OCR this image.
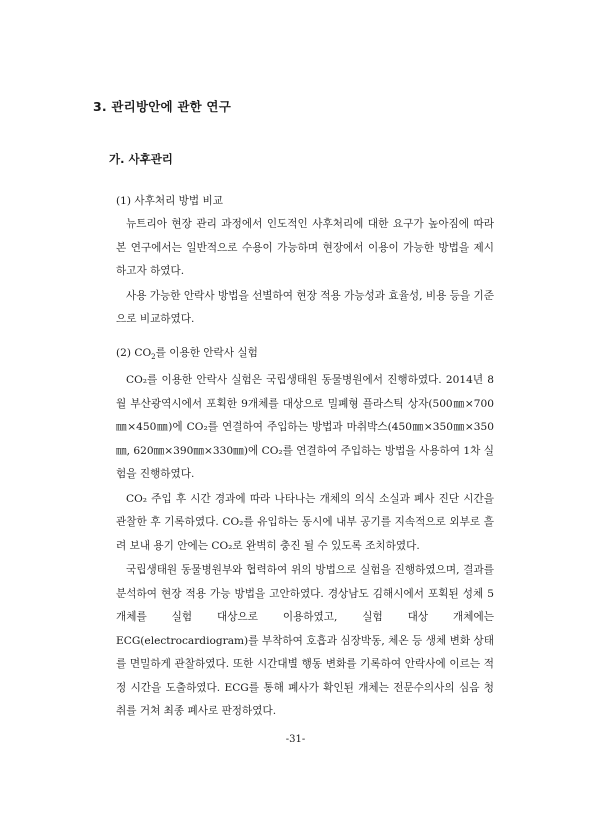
3. 관리방안에 관한 연구
가. 사후관리
(1) 사후처리 방법 비교

뉴트리아 현장 관리 과정에서 인도적인 사후처리에 대한 요구가 높아짐에 따라 본 연구에서는 일반적으로 수용이 가능하며 현장에서 이용이 가능한 방법을 제시하고자 하였다.

사용 가능한 안락사 방법을 선별하여 현장 적용 가능성과 효율성, 비용 등을 기준으로 비교하였다.

(2) $CO_2$를 이용한 안락사 실험

CO₂를 이용한 안락사 실험은 국립생태원 동물병원에서 진행하였다. 2014년 8월 부산광역시에서 포획한 9개체를 대상으로 밀폐형 플라스틱 상자(500㎜×700㎜×450㎜)에 CO₂를 연결하여 주입하는 방법과 마취박스(450㎜×350㎜×350㎜, 620㎜×390㎜×330㎜)에 CO₂를 연결하여 주입하는 방법을 사용하여 1차 실험을 진행하였다.

CO₂ 주입 후 시간 경과에 따라 나타나는 개체의 의식 소실과 폐사 진단 시간을 관찰한 후 기록하였다. CO₂를 유입하는 동시에 내부 공기를 지속적으로 외부로 흘려 보내 용기 안에는 CO₂로 완벽히 충진 될 수 있도록 조치하였다.

국립생태원 동물병원부와 협력하여 위의 방법으로 실험을 진행하였으며, 결과를 분석하여 현장 적용 가능 방법을 고안하였다. 경상남도 김해시에서 포획된 성체 5개체를 실험 대상으로 이용하였고, 실험 대상 개체에는 ECG(electrocardiogram)를 부착하여 호흡과 심장박동, 체온 등 생체 변화 상태를 면밀하게 관찰하였다. 또한 시간대별 행동 변화를 기록하여 안락사에 이르는 적정 시간을 도출하였다. ECG를 통해 폐사가 확인된 개체는 전문수의사의 심음 청취를 거쳐 최종 폐사로 판정하였다.

-31-
